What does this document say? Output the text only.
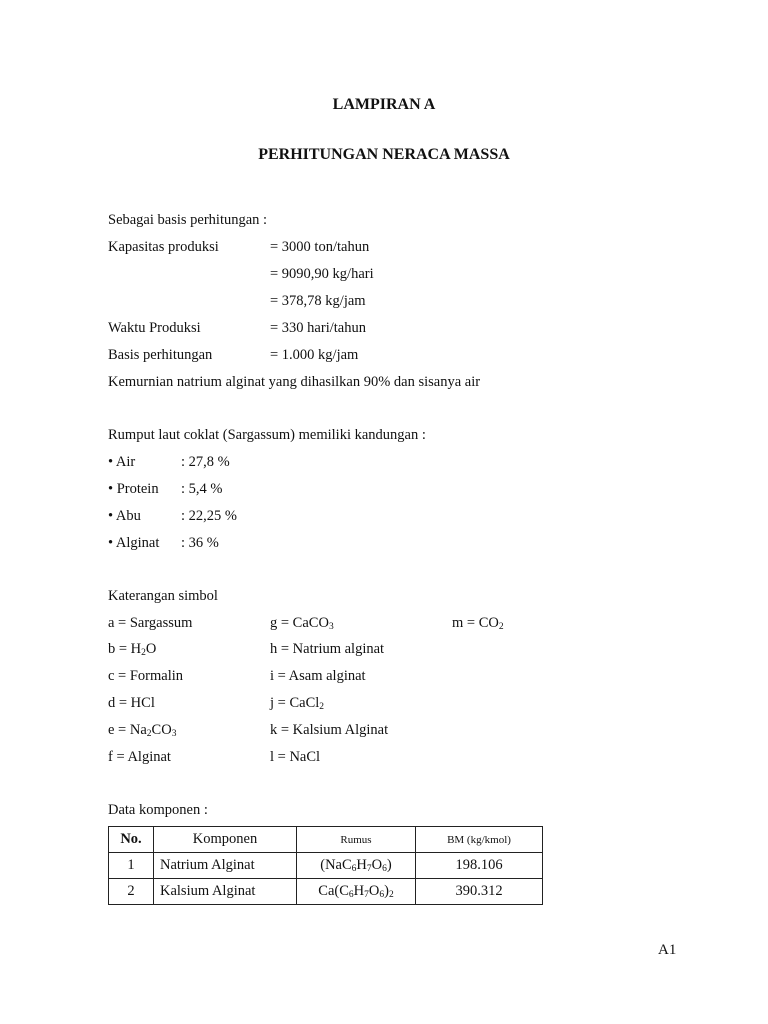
LAMPIRAN A
PERHITUNGAN NERACA MASSA
Sebagai basis perhitungan :
Kapasitas produksi	= 3000 ton/tahun
= 9090,90 kg/hari
= 378,78 kg/jam
Waktu Produksi	= 330 hari/tahun
Basis perhitungan	= 1.000 kg/jam
Kemurnian natrium alginat yang dihasilkan 90% dan sisanya air
Rumput laut coklat (Sargassum) memiliki kandungan :
• Air	: 27,8 %
• Protein : 5,4 %
• Abu	: 22,25 %
• Alginat : 36 %
Katerangan simbol
a = Sargassum	g = CaCO$_3$	$m = CO_2$
$b = H_2O$	h = Natrium alginat
c = Formalin	i = Asam alginat
d = HCl	j = CaCl$_2$
$e = Na_2CO_3$	k = Kalsium Alginat
f = Alginat	l = NaCl
Data komponen :
No.	Komponen	Rumus	BM (kg/kmol)
1	Natrium Alginat	$(NaC_6H_7O_6)$	198.106
2	Kalsium Alginat	$Ca(C_6H_7O_6)_2$	390.312
A1
